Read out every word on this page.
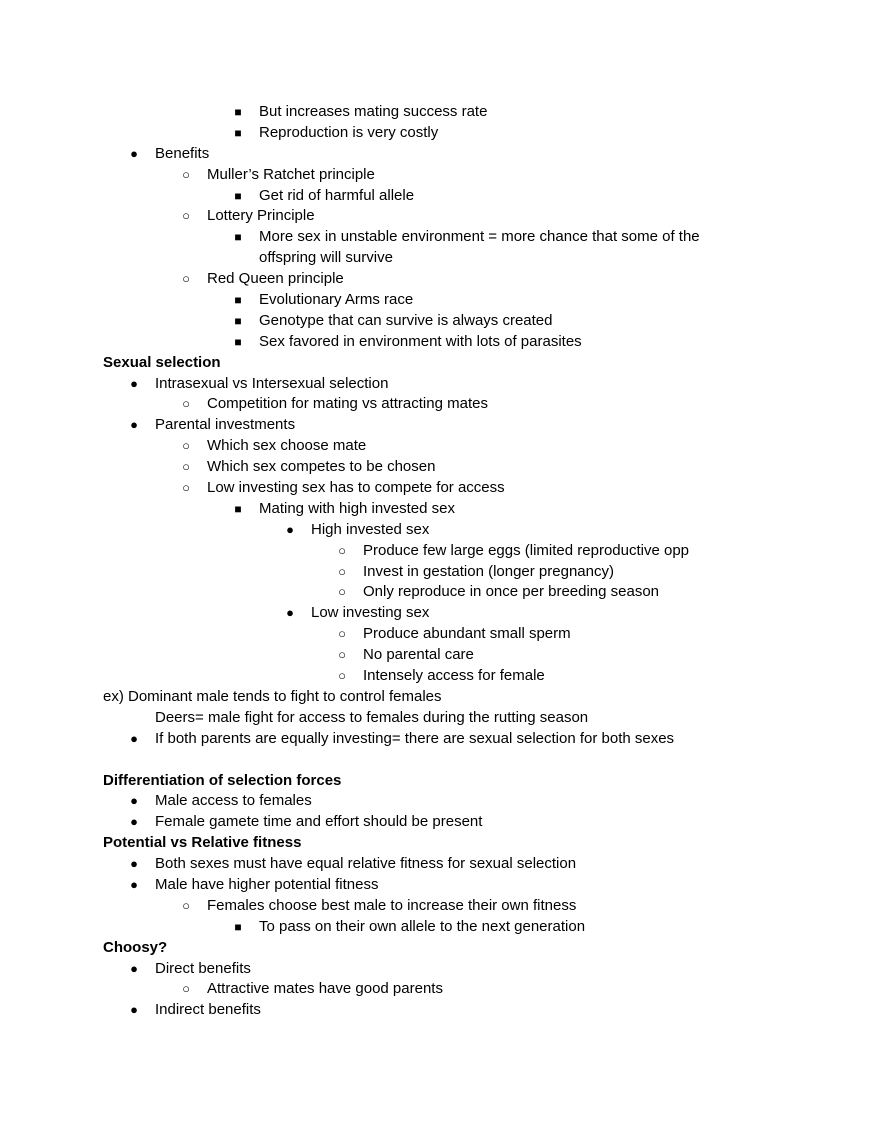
■ But increases mating success rate
■ Reproduction is very costly
● Benefits
○ Muller’s Ratchet principle
■ Get rid of harmful allele
○ Lottery Principle
■ More sex in unstable environment = more chance that some of the
offspring will survive
○ Red Queen principle
■ Evolutionary Arms race
■ Genotype that can survive is always created
■ Sex favored in environment with lots of parasites
Sexual selection
● Intrasexual vs Intersexual selection
○ Competition for mating vs attracting mates
● Parental investments
○ Which sex choose mate
○ Which sex competes to be chosen
○ Low investing sex has to compete for access
■ Mating with high invested sex
● High invested sex
○ Produce few large eggs (limited reproductive opp
○ Invest in gestation (longer pregnancy)
○ Only reproduce in once per breeding season
● Low investing sex
○ Produce abundant small sperm
○ No parental care
○ Intensely access for female
ex) Dominant male tends to fight to control females
Deers= male fight for access to females during the rutting season
● If both parents are equally investing= there are sexual selection for both sexes
Differentiation of selection forces
● Male access to females
● Female gamete time and effort should be present
Potential vs Relative fitness
● Both sexes must have equal relative fitness for sexual selection
● Male have higher potential fitness
○ Females choose best male to increase their own fitness
■ To pass on their own allele to the next generation
Choosy?
● Direct benefits
○ Attractive mates have good parents
● Indirect benefits
